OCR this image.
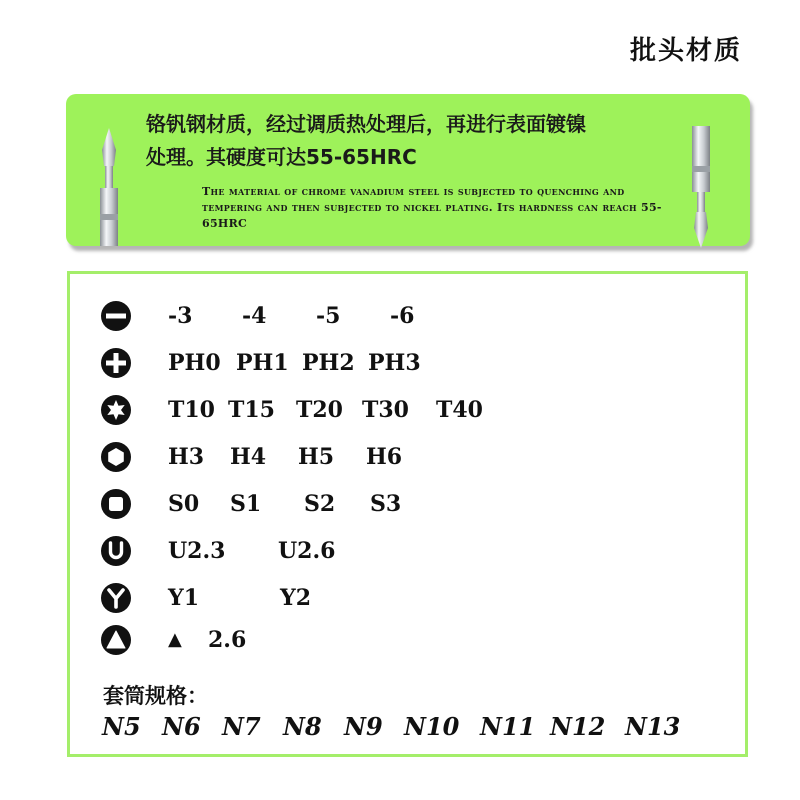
批头材质
铬钒钢材质，经过调质热处理后，再进行表面镀镍
处理。其硬度可达55-65HRC
The material of chrome vanadium steel is subjected to quenching and tempering and then subjected to nickel plating. Its hardness can reach 55-65HRC
-3 -4 -5 -6
PH0 PH1 PH2 PH3
T10 T15 T20 T30 T40
H3 H4 H5 H6
S0 S1 S2 S3
U2.3 U2.6
Y1	Y2
▲ 2.6
套筒规格：
N5 N6 N7 N8 N9 N10 N11 N12 N13
